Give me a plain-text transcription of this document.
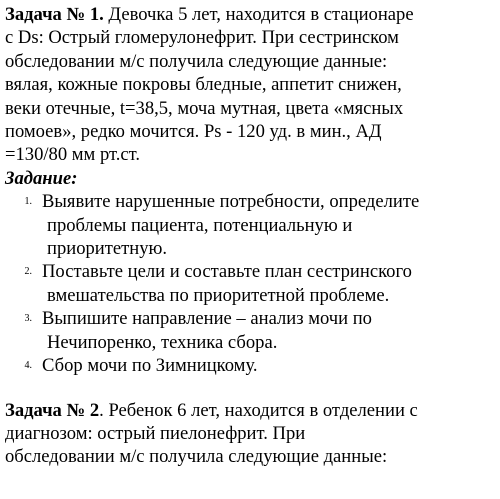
Задача № 1. Девочка 5 лет, находится в стационаре
с Ds: Острый гломерулонефрит. При сестринском
обследовании м/с получила следующие данные:
вялая, кожные покровы бледные, аппетит снижен,
веки отечные, t=38,5, моча мутная, цвета «мясных
помоев», редко мочится. Ps - 120 уд. в мин., АД
=130/80 мм рт.ст.
Задание:
1. Выявите нарушенные потребности, определите
проблемы пациента, потенциальную и
приоритетную.
2. Поставьте цели и составьте план сестринского
вмешательства по приоритетной проблеме.
3. Выпишите направление – анализ мочи по
Нечипоренко, техника сбора.
4. Сбор мочи по Зимницкому.
Задача № 2. Ребенок 6 лет, находится в отделении с
диагнозом: острый пиелонефрит. При
обследовании м/с получила следующие данные:
